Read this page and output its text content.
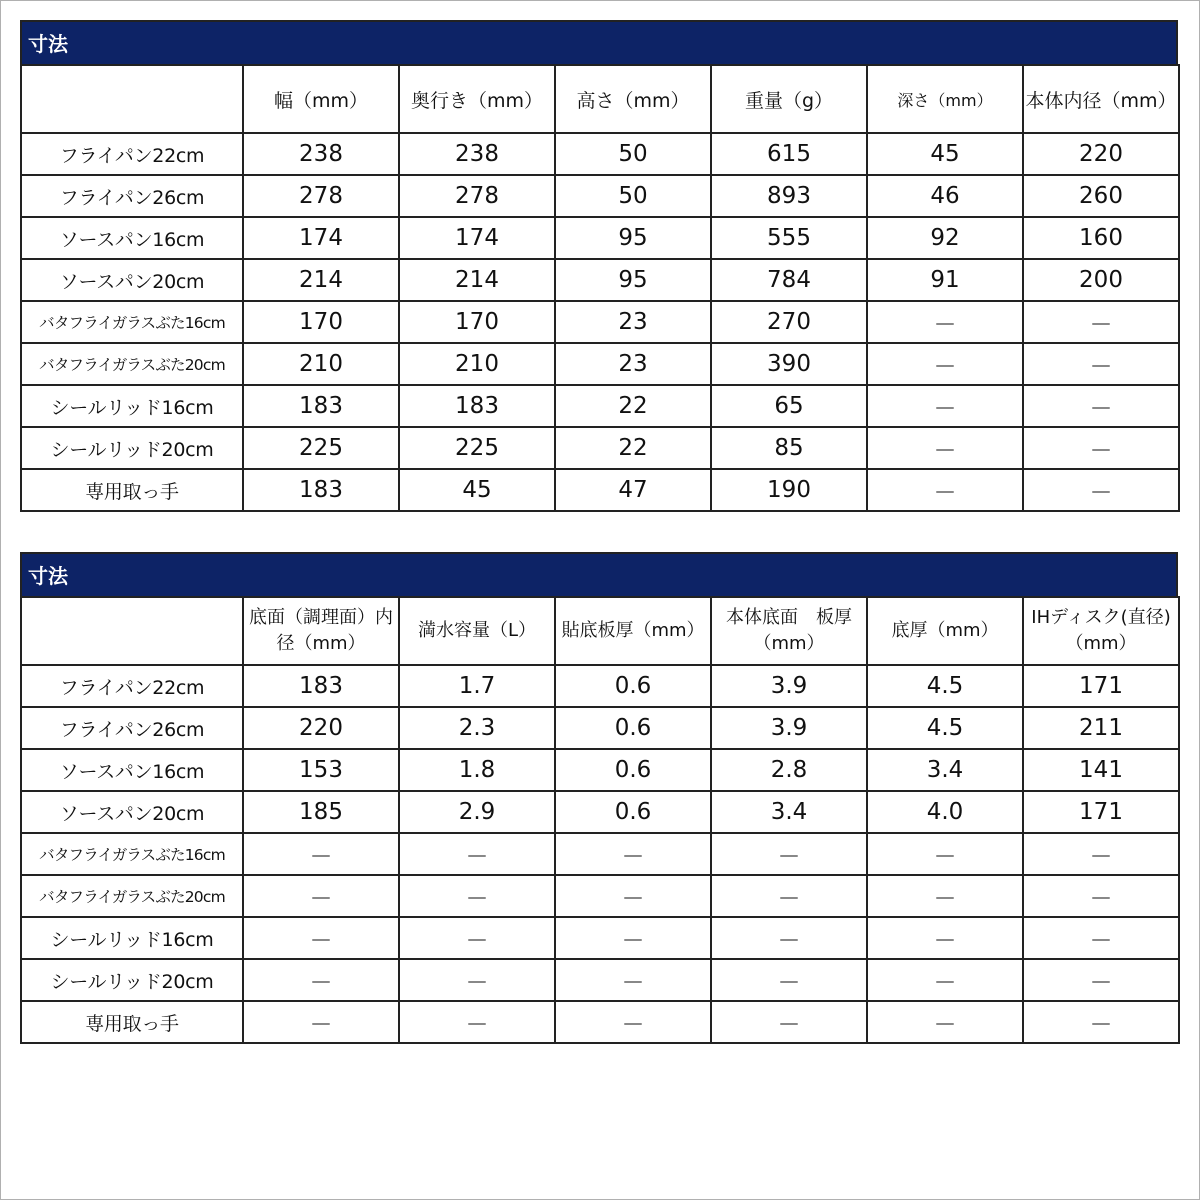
寸法
	幅（mm）	奥行き（mm）	高さ（mm）	重量（g）	深さ（mm）	本体内径（mm）
フライパン22cm	238	238	50	615	45	220
フライパン26cm	278	278	50	893	46	260
ソースパン16cm	174	174	95	555	92	160
ソースパン20cm	214	214	95	784	91	200
バタフライガラスぶた16cm	170	170	23	270	－	－
バタフライガラスぶた20cm	210	210	23	390	－	－
シールリッド16cm	183	183	22	65	－	－
シールリッド20cm	225	225	22	85	－	－
専用取っ手	183	45	47	190	－	－
寸法
	底面（調理面）内径（mm）	満水容量（L）	貼底板厚（mm）	本体底面　板厚（mm）	底厚（mm）	IHディスク(直径)（mm）
フライパン22cm	183	1.7	0.6	3.9	4.5	171
フライパン26cm	220	2.3	0.6	3.9	4.5	211
ソースパン16cm	153	1.8	0.6	2.8	3.4	141
ソースパン20cm	185	2.9	0.6	3.4	4.0	171
バタフライガラスぶた16cm	－	－	－	－	－	－
バタフライガラスぶた20cm	－	－	－	－	－	－
シールリッド16cm	－	－	－	－	－	－
シールリッド20cm	－	－	－	－	－	－
専用取っ手	－	－	－	－	－	－
